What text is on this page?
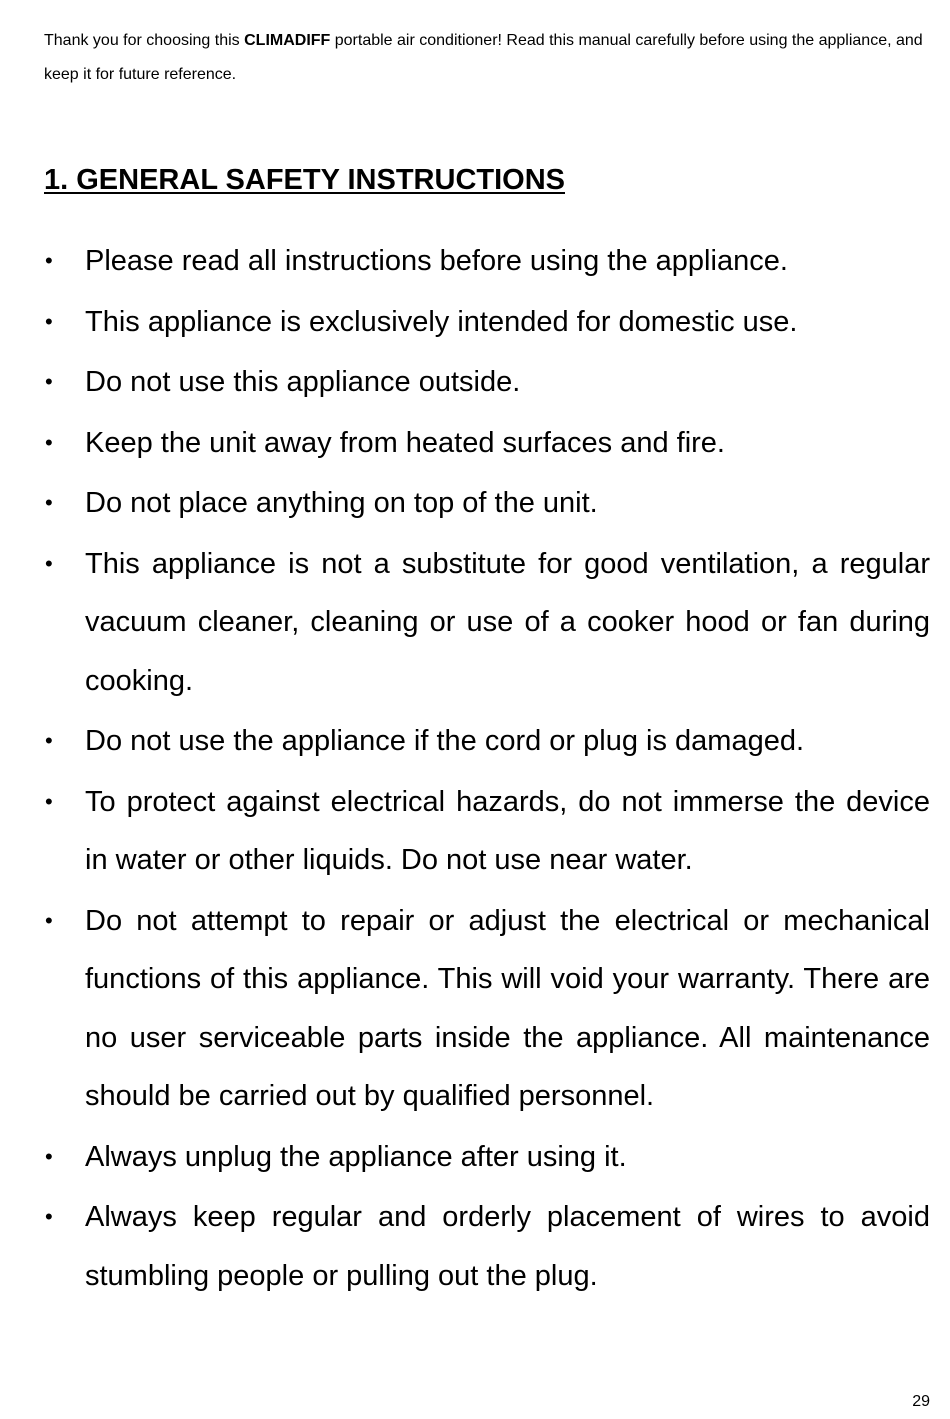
Thank you for choosing this CLIMADIFF portable air conditioner! Read this manual carefully before using the appliance, and keep it for future reference.

1. GENERAL SAFETY INSTRUCTIONS
•	Please read all instructions before using the appliance.
•	This appliance is exclusively intended for domestic use.
•	Do not use this appliance outside.
•	Keep the unit away from heated surfaces and fire.
•	Do not place anything on top of the unit.
•	This appliance is not a substitute for good ventilation, a regular vacuum cleaner, cleaning or use of a cooker hood or fan during cooking.
•	Do not use the appliance if the cord or plug is damaged.
•	To protect against electrical hazards, do not immerse the device in water or other liquids. Do not use near water.
•	Do not attempt to repair or adjust the electrical or mechanical functions of this appliance. This will void your warranty. There are no user serviceable parts inside the appliance. All maintenance should be carried out by qualified personnel.
•	Always unplug the appliance after using it.
•	Always keep regular and orderly placement of wires to avoid stumbling people or pulling out the plug.

29
